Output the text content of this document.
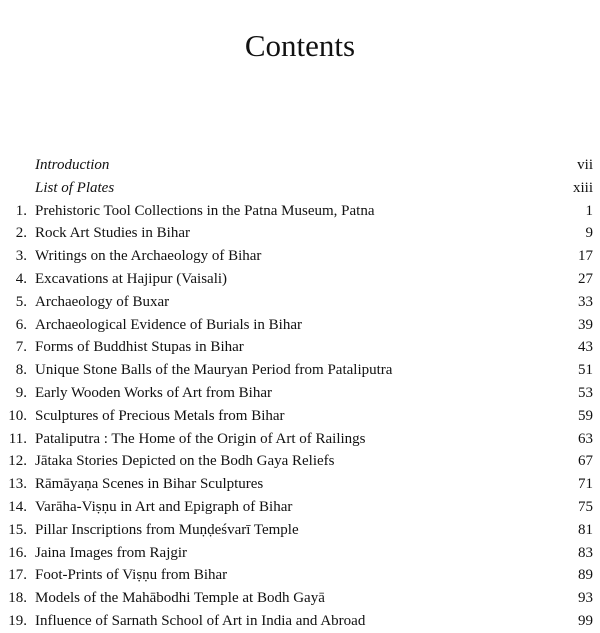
Contents
Introduction	vii
List of Plates	xiii
1. Prehistoric Tool Collections in the Patna Museum, Patna	1
2. Rock Art Studies in Bihar	9
3. Writings on the Archaeology of Bihar	17
4. Excavations at Hajipur (Vaisali)	27
5. Archaeology of Buxar	33
6. Archaeological Evidence of Burials in Bihar	39
7. Forms of Buddhist Stupas in Bihar	43
8. Unique Stone Balls of the Mauryan Period from Pataliputra	51
9. Early Wooden Works of Art from Bihar	53
10. Sculptures of Precious Metals from Bihar	59
11. Pataliputra : The Home of the Origin of Art of Railings	63
12. Jātaka Stories Depicted on the Bodh Gaya Reliefs	67
13. Rāmāyaṇa Scenes in Bihar Sculptures	71
14. Varāha-Viṣṇu in Art and Epigraph of Bihar	75
15. Pillar Inscriptions from Muṇḍeśvarī Temple	81
16. Jaina Images from Rajgir	83
17. Foot-Prints of Viṣṇu from Bihar	89
18. Models of the Mahābodhi Temple at Bodh Gayā	93
19. Influence of Sarnath School of Art in India and Abroad	99
